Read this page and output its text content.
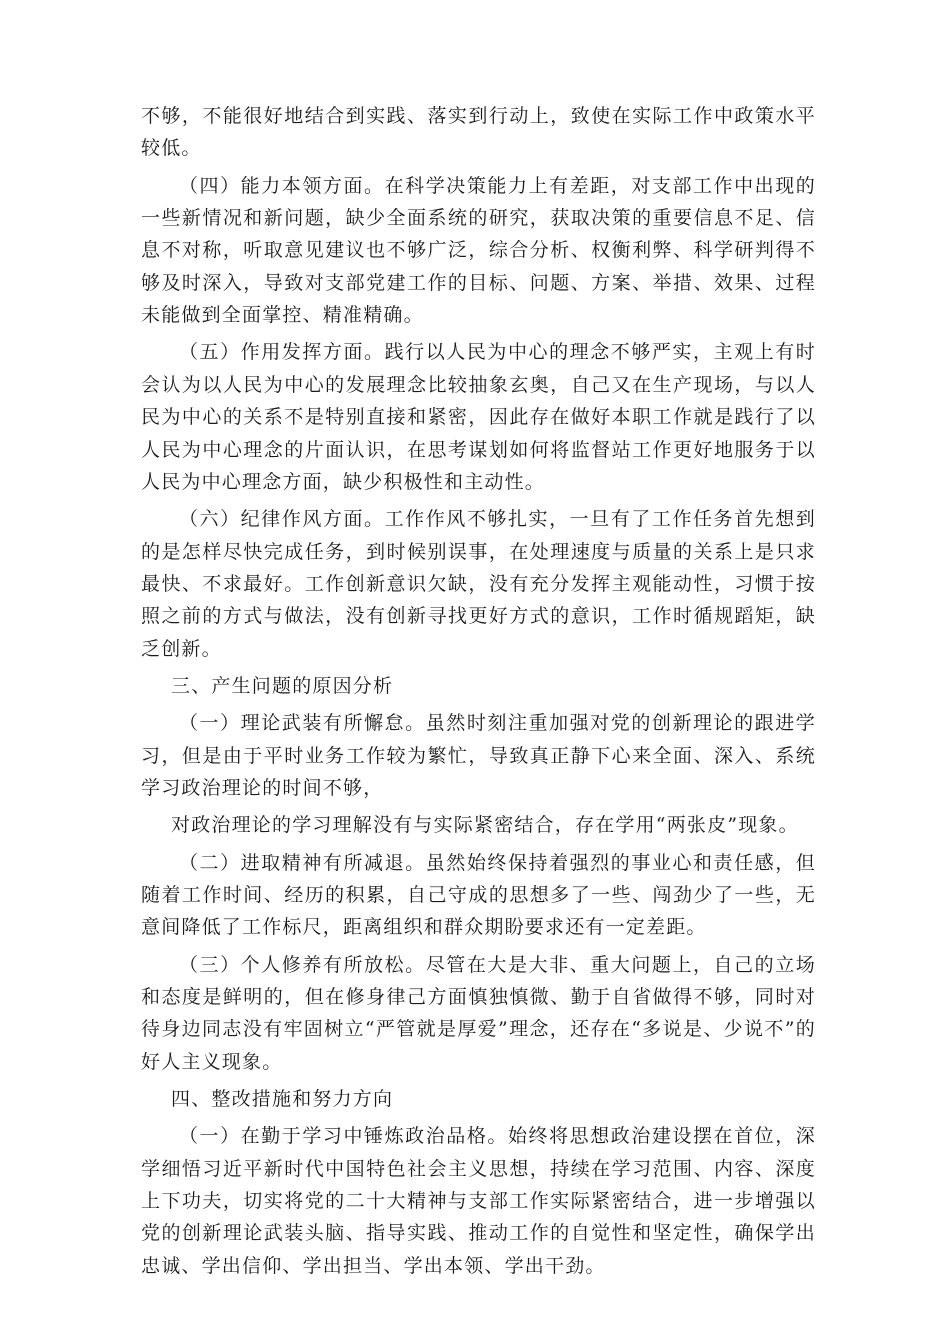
不够，不能很好地结合到实践、落实到行动上，致使在实际工作中政策水平较低。

（四）能力本领方面。在科学决策能力上有差距，对支部工作中出现的一些新情况和新问题，缺少全面系统的研究，获取决策的重要信息不足、信息不对称，听取意见建议也不够广泛，综合分析、权衡利弊、科学研判得不够及时深入，导致对支部党建工作的目标、问题、方案、举措、效果、过程未能做到全面掌控、精准精确。

（五）作用发挥方面。践行以人民为中心的理念不够严实，主观上有时会认为以人民为中心的发展理念比较抽象玄奥，自己又在生产现场，与以人民为中心的关系不是特别直接和紧密，因此存在做好本职工作就是践行了以人民为中心理念的片面认识，在思考谋划如何将监督站工作更好地服务于以人民为中心理念方面，缺少积极性和主动性。

（六）纪律作风方面。工作作风不够扎实，一旦有了工作任务首先想到的是怎样尽快完成任务，到时候别误事，在处理速度与质量的关系上是只求最快、不求最好。工作创新意识欠缺，没有充分发挥主观能动性，习惯于按照之前的方式与做法，没有创新寻找更好方式的意识，工作时循规蹈矩，缺乏创新。

三、产生问题的原因分析

（一）理论武装有所懈怠。虽然时刻注重加强对党的创新理论的跟进学习，但是由于平时业务工作较为繁忙，导致真正静下心来全面、深入、系统学习政治理论的时间不够，

对政治理论的学习理解没有与实际紧密结合，存在学用“两张皮”现象。

（二）进取精神有所减退。虽然始终保持着强烈的事业心和责任感，但随着工作时间、经历的积累，自己守成的思想多了一些、闯劲少了一些，无意间降低了工作标尺，距离组织和群众期盼要求还有一定差距。

（三）个人修养有所放松。尽管在大是大非、重大问题上，自己的立场和态度是鲜明的，但在修身律己方面慎独慎微、勤于自省做得不够，同时对待身边同志没有牢固树立“严管就是厚爱”理念，还存在“多说是、少说不”的好人主义现象。

四、整改措施和努力方向

（一）在勤于学习中锤炼政治品格。始终将思想政治建设摆在首位，深学细悟习近平新时代中国特色社会主义思想，持续在学习范围、内容、深度上下功夫，切实将党的二十大精神与支部工作实际紧密结合，进一步增强以党的创新理论武装头脑、指导实践、推动工作的自觉性和坚定性，确保学出忠诚、学出信仰、学出担当、学出本领、学出干劲。
